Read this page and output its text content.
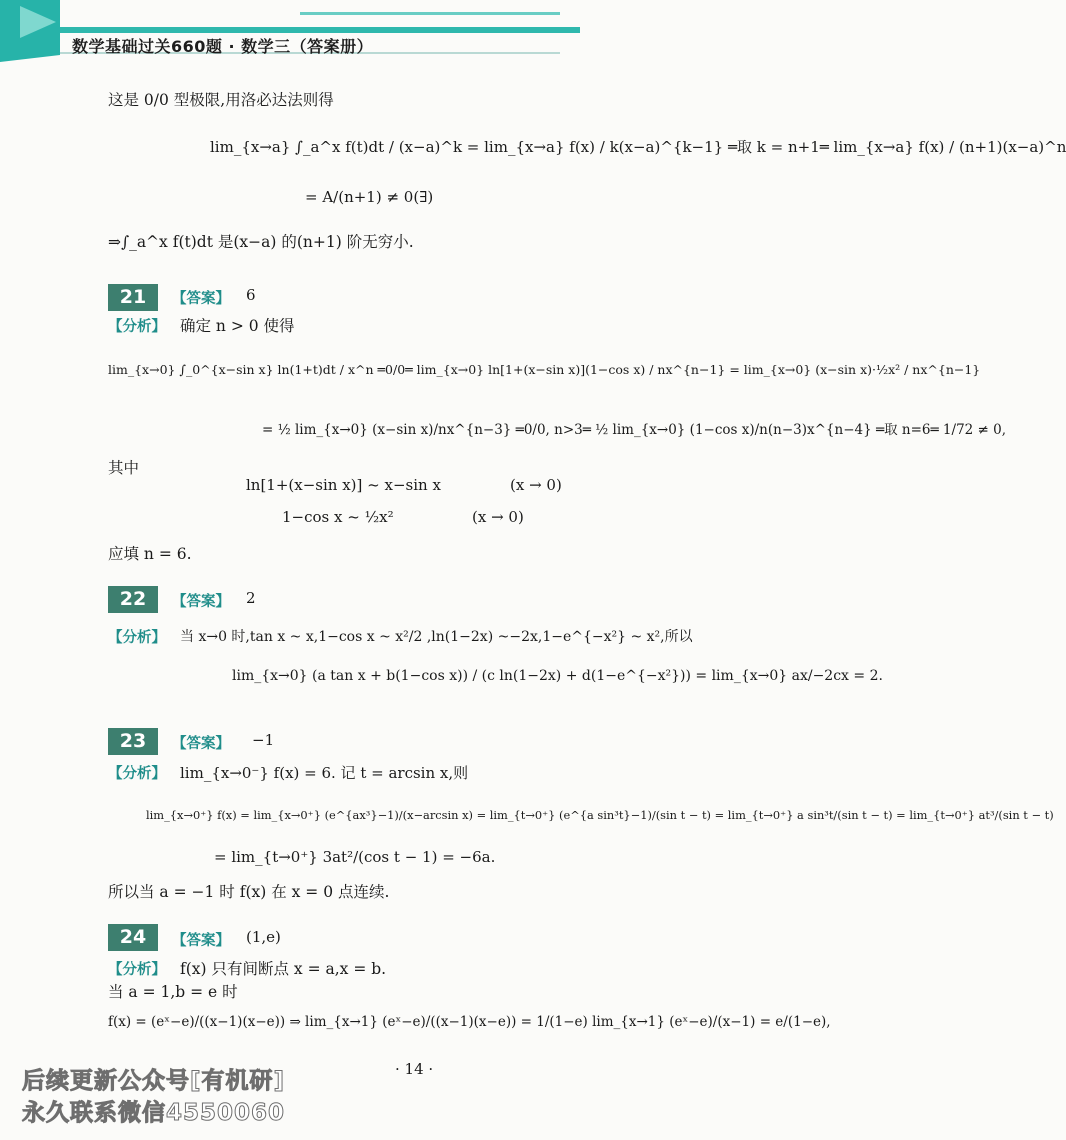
数学基础过关660题 · 数学三（答案册）
这是 0/0 型极限,用洛必达法则得
lim_{x→a} ∫_a^x f(t)dt / (x−a)^k = lim_{x→a} f(x) / k(x−a)^{k−1} ═取 k = n+1═ lim_{x→a} f(x) / (n+1)(x−a)^n
= A/(n+1) ≠ 0(∃)
⇒∫_a^x f(t)dt 是(x−a) 的(n+1) 阶无穷小.
21	【答案】 6
【分析】 确定 n > 0 使得
lim_{x→0} ∫_0^{x−sin x} ln(1+t)dt / x^n ═0/0═ lim_{x→0} ln[1+(x−sin x)](1−cos x) / nx^{n−1} = lim_{x→0} (x−sin x)·½x² / nx^{n−1}
= ½ lim_{x→0} (x−sin x)/nx^{n−3} ═0/0, n>3═ ½ lim_{x→0} (1−cos x)/n(n−3)x^{n−4} ═取 n=6═ 1/72 ≠ 0,
其中
ln[1+(x−sin x)] ~ x−sin x	(x → 0)
1−cos x ~ ½x²	(x → 0)
应填 n = 6.
22	【答案】 2
【分析】 当 x→0 时,tan x ~ x,1−cos x ~ x²/2 ,ln(1−2x) ~−2x,1−e^{−x²} ~ x²,所以
lim_{x→0} (a tan x + b(1−cos x)) / (c ln(1−2x) + d(1−e^{−x²})) = lim_{x→0} ax/−2cx = 2.
23	【答案】 −1
【分析】 lim_{x→0⁻} f(x) = 6. 记 t = arcsin x,则
lim_{x→0⁺} f(x) = lim_{x→0⁺} (e^{ax³}−1)/(x−arcsin x) = lim_{t→0⁺} (e^{a sin³t}−1)/(sin t − t) = lim_{t→0⁺} a sin³t/(sin t − t) = lim_{t→0⁺} at³/(sin t − t)
= lim_{t→0⁺} 3at²/(cos t − 1) = −6a.
所以当 a = −1 时 f(x) 在 x = 0 点连续.
24	【答案】 (1,e)
【分析】 f(x) 只有间断点 x = a,x = b.
当 a = 1,b = e 时
f(x) = (eˣ−e)/((x−1)(x−e)) ⇒ lim_{x→1} (eˣ−e)/((x−1)(x−e)) = 1/(1−e) lim_{x→1} (eˣ−e)/(x−1) = e/(1−e),
· 14 ·
后续更新公众号[有机研]
永久联系微信4550060
